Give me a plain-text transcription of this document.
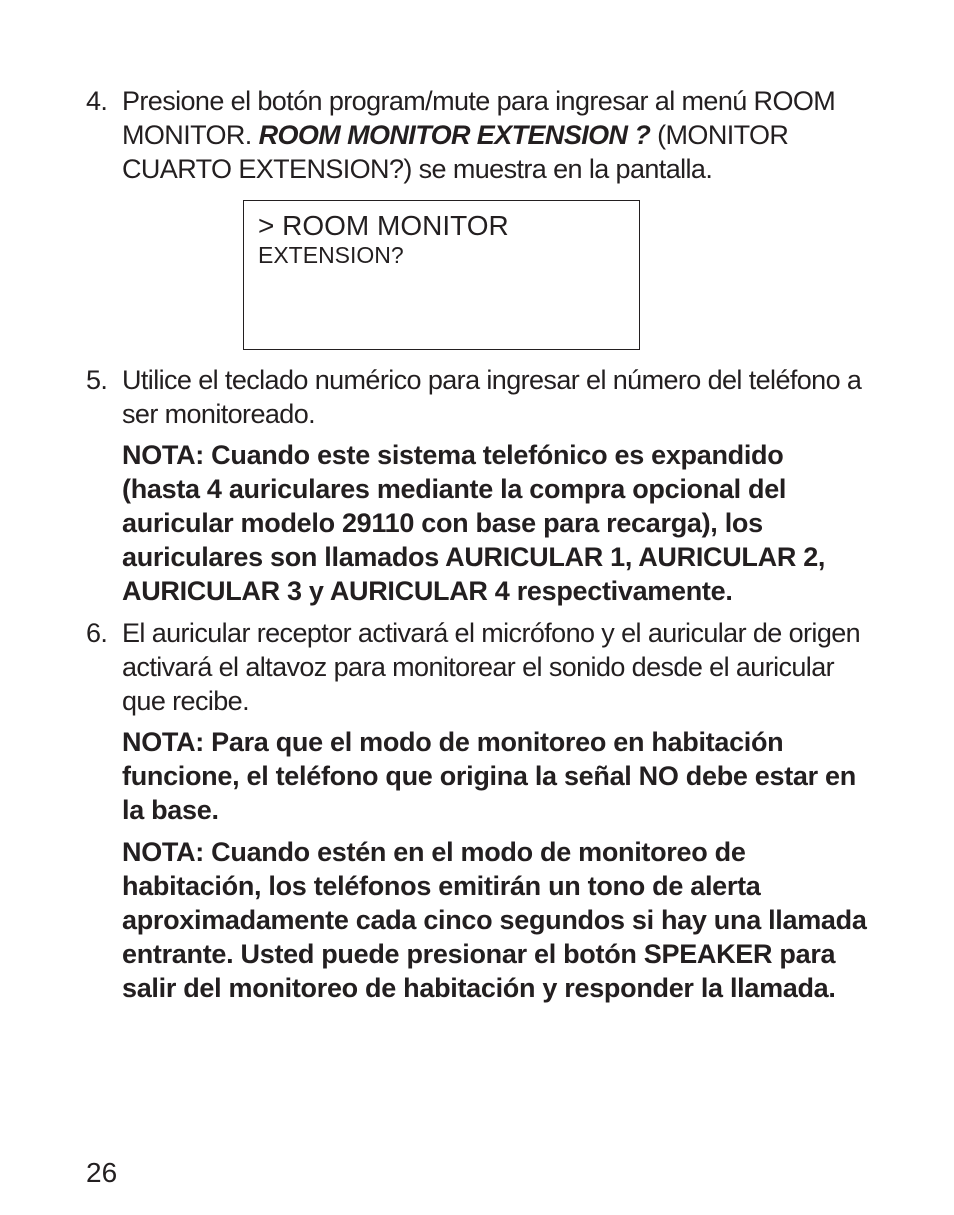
4. Presione el botón program/mute para ingresar al menú ROOM MONITOR. ROOM MONITOR EXTENSION ? (MONITOR CUARTO EXTENSION?) se muestra en la pantalla.
> ROOM MONITOR
EXTENSION?
5. Utilice el teclado numérico para ingresar el número del teléfono a ser monitoreado.
NOTA: Cuando este sistema telefónico es expandido (hasta 4 auriculares mediante la compra opcional del auricular modelo 29110 con base para recarga), los auriculares son llamados AURICULAR 1, AURICULAR 2, AURICULAR 3 y AURICULAR 4 respectivamente.
6. El auricular receptor activará el micrófono y el auricular de origen activará el altavoz para monitorear el sonido desde el auricular que recibe.
NOTA: Para que el modo de monitoreo en habitación funcione, el teléfono que origina la señal NO debe estar en la base.
NOTA: Cuando estén en el modo de monitoreo de habitación, los teléfonos emitirán un tono de alerta aproximadamente cada cinco segundos si hay una llamada entrante. Usted puede presionar el botón SPEAKER para salir del monitoreo de habitación y responder la llamada.
26
